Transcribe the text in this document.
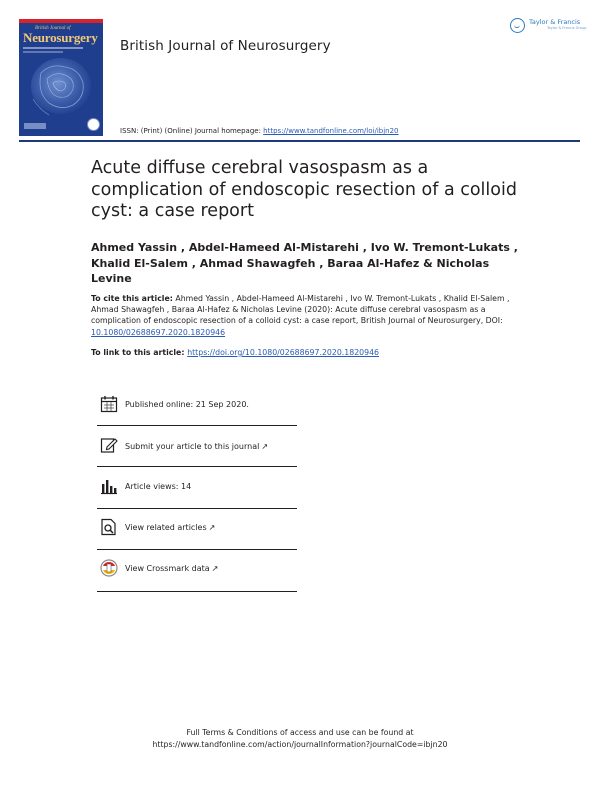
British Journal of
Neurosurgery
British Journal of Neurosurgery
Taylor & Francis
Taylor & Francis Group
ISSN: (Print) (Online) Journal homepage: https://www.tandfonline.com/loi/ibjn20
Acute diffuse cerebral vasospasm as a complication of endoscopic resection of a colloid cyst: a case report
Ahmed Yassin , Abdel-Hameed Al-Mistarehi , Ivo W. Tremont-Lukats , Khalid El-Salem , Ahmad Shawagfeh , Baraa Al-Hafez & Nicholas Levine
To cite this article: Ahmed Yassin , Abdel-Hameed Al-Mistarehi , Ivo W. Tremont-Lukats , Khalid El-Salem , Ahmad Shawagfeh , Baraa Al-Hafez & Nicholas Levine (2020): Acute diffuse cerebral vasospasm as a complication of endoscopic resection of a colloid cyst: a case report, British Journal of Neurosurgery, DOI: 10.1080/02688697.2020.1820946
To link to this article: https://doi.org/10.1080/02688697.2020.1820946
Published online: 21 Sep 2020.
Submit your article to this journal ↗
Article views: 14
View related articles ↗
View Crossmark data ↗
Full Terms & Conditions of access and use can be found at
https://www.tandfonline.com/action/journalInformation?journalCode=ibjn20
